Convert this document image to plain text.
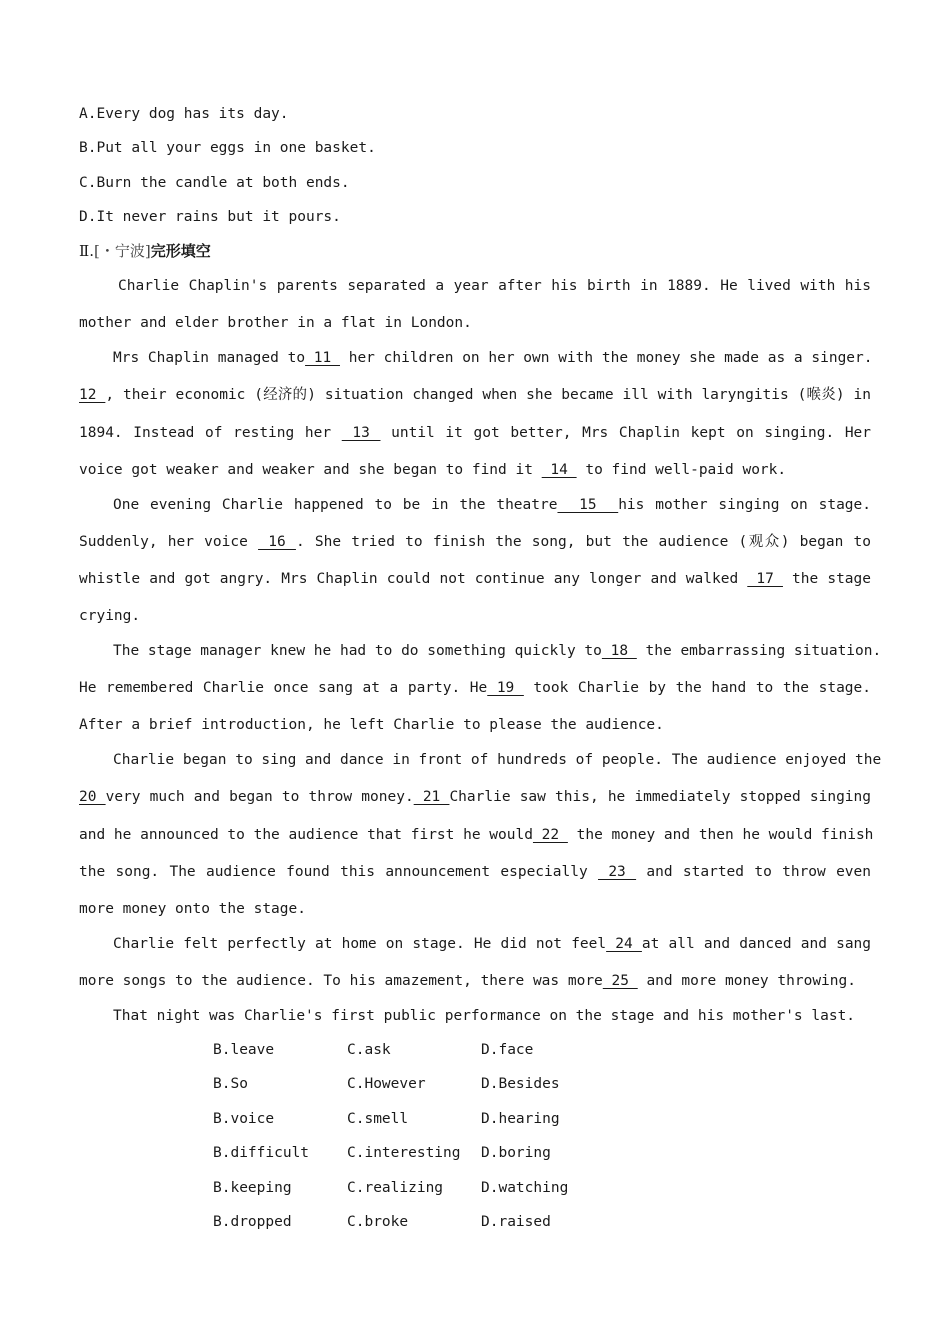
A.Every dog has its day.
B.Put all your eggs in one basket.
C.Burn the candle at both ends.
D.It never rains but it pours.
Ⅱ.[・宁波]完形填空
Charlie Chaplin's parents separated a year after his birth in 1889. He lived with his
mother and elder brother in a flat in London.
Mrs Chaplin managed to 11  her children on her own with the money she made as a singer.
12 , their economic (经济的) situation changed when she became ill with laryngitis (喉炎) in
1894. Instead of resting her  13  until it got better, Mrs Chaplin kept on singing. Her
voice got weaker and weaker and she began to find it  14  to find well-paid work.
One evening Charlie happened to be in the theatre  15  his mother singing on stage.
Suddenly, her voice  16 . She tried to finish the song, but the audience (观众) began to
whistle and got angry. Mrs Chaplin could not continue any longer and walked  17  the stage
crying.
The stage manager knew he had to do something quickly to 18  the embarrassing situation.
He remembered Charlie once sang at a party. He 19  took Charlie by the hand to the stage.
After a brief introduction, he left Charlie to please the audience.
Charlie began to sing and dance in front of hundreds of people. The audience enjoyed the
20 very much and began to throw money. 21 Charlie saw this, he immediately stopped singing
and he announced to the audience that first he would 22  the money and then he would finish
the song. The audience found this announcement especially  23  and started to throw even
more money onto the stage.
Charlie felt perfectly at home on stage. He did not feel 24 at all and danced and sang
more songs to the audience. To his amazement, there was more 25  and more money throwing.
That night was Charlie's first public performance on the stage and his mother's last.
B.leave	C.ask	D.face
B.So	C.However	D.Besides
B.voice	C.smell	D.hearing
B.difficult	C.interesting D.boring
B.keeping	C.realizing	D.watching
B.dropped	C.broke	D.raised
